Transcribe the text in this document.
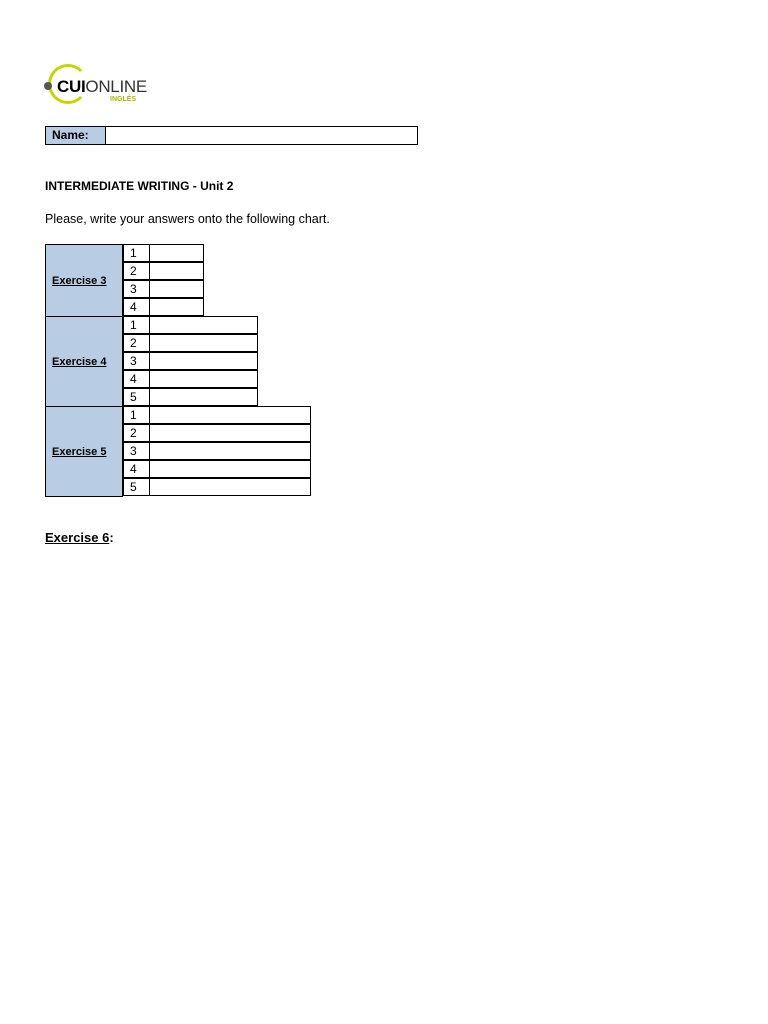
CUIONLINE
INGLÉS
Name:
INTERMEDIATE WRITING - Unit 2
Please, write your answers onto the following chart.
Exercise 3
1
2
3
4
Exercise 4
1
2
3
4
5
Exercise 5
1
2
3
4
5
Exercise 6:
